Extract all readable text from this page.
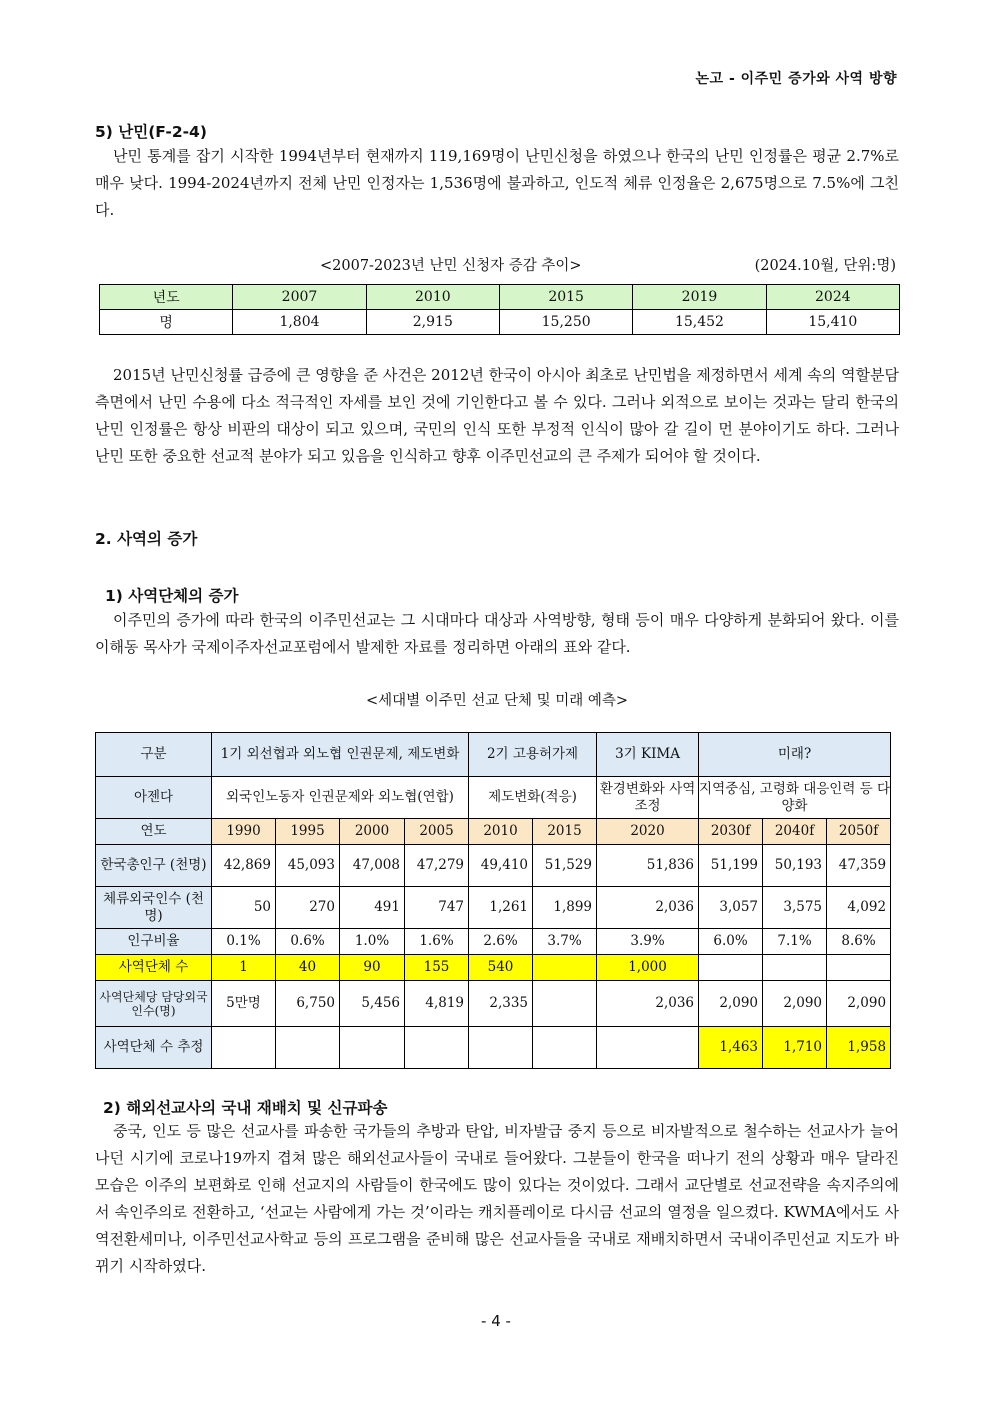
논고 - 이주민 증가와 사역 방향
5) 난민(F-2-4)
난민 통계를 잡기 시작한 1994년부터 현재까지 119,169명이 난민신청을 하였으나 한국의 난민 인정률은 평균 2.7%로 매우 낮다. 1994-2024년까지 전체 난민 인정자는 1,536명에 불과하고, 인도적 체류 인정율은 2,675명으로 7.5%에 그친다.
<2007-2023년 난민 신청자 증감 추이>	(2024.10월, 단위:명)
년도	2007	2010	2015	2019	2024
명	1,804	2,915	15,250	15,452	15,410
2015년 난민신청률 급증에 큰 영향을 준 사건은 2012년 한국이 아시아 최초로 난민법을 제정하면서 세계 속의 역할분담 측면에서 난민 수용에 다소 적극적인 자세를 보인 것에 기인한다고 볼 수 있다. 그러나 외적으로 보이는 것과는 달리 한국의 난민 인정률은 항상 비판의 대상이 되고 있으며, 국민의 인식 또한 부정적 인식이 많아 갈 길이 먼 분야이기도 하다. 그러나 난민 또한 중요한 선교적 분야가 되고 있음을 인식하고 향후 이주민선교의 큰 주제가 되어야 할 것이다.
2. 사역의 증가
1) 사역단체의 증가
이주민의 증가에 따라 한국의 이주민선교는 그 시대마다 대상과 사역방향, 형태 등이 매우 다양하게 분화되어 왔다. 이를 이해동 목사가 국제이주자선교포럼에서 발제한 자료를 정리하면 아래의 표와 같다.
<세대별 이주민 선교 단체 및 미래 예측>
구분	1기 외선협과 외노협 인권문제, 제도변화				2기 고용허가제		3기 KIMA	미래?		
아젠다	외국인노동자 인권문제와 외노협(연합)				제도변화(적응)		환경변화와 사역조정	지역중심, 고령화 대응인력 등 다양화		
연도	1990	1995	2000	2005	2010	2015	2020	2030f	2040f	2050f
한국총인구 (천명)	42,869	45,093	47,008	47,279	49,410	51,529	51,836	51,199	50,193	47,359
체류외국인수 (천명)	50	270	491	747	1,261	1,899	2,036	3,057	3,575	4,092
인구비율	0.1%	0.6%	1.0%	1.6%	2.6%	3.7%	3.9%	6.0%	7.1%	8.6%
사역단체 수	1	40	90	155	540		1,000			
사역단체당 담당외국인수(명)	5만명	6,750	5,456	4,819	2,335		2,036	2,090	2,090	2,090
사역단체 수 추정								1,463	1,710	1,958
2) 해외선교사의 국내 재배치 및 신규파송
중국, 인도 등 많은 선교사를 파송한 국가들의 추방과 탄압, 비자발급 중지 등으로 비자발적으로 철수하는 선교사가 늘어나던 시기에 코로나19까지 겹쳐 많은 해외선교사들이 국내로 들어왔다. 그분들이 한국을 떠나기 전의 상황과 매우 달라진 모습은 이주의 보편화로 인해 선교지의 사람들이 한국에도 많이 있다는 것이었다. 그래서 교단별로 선교전략을 속지주의에서 속인주의로 전환하고, ‘선교는 사람에게 가는 것’이라는 캐치플레이로 다시금 선교의 열정을 일으켰다. KWMA에서도 사역전환세미나, 이주민선교사학교 등의 프로그램을 준비해 많은 선교사들을 국내로 재배치하면서 국내이주민선교 지도가 바뀌기 시작하였다.
- 4 -
